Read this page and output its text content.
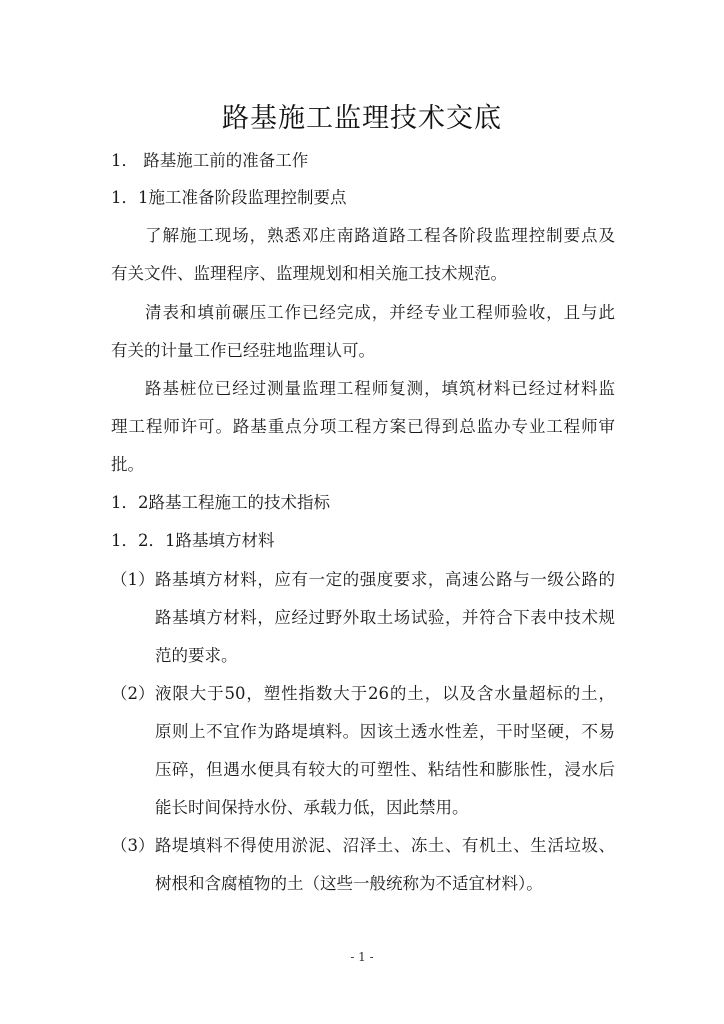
路基施工监理技术交底
1． 路基施工前的准备工作
1．1施工准备阶段监理控制要点
了解施工现场，熟悉邓庄南路道路工程各阶段监理控制要点及
有关文件、监理程序、监理规划和相关施工技术规范。
清表和填前碾压工作已经完成，并经专业工程师验收，且与此
有关的计量工作已经驻地监理认可。
路基桩位已经过测量监理工程师复测，填筑材料已经过材料监
理工程师许可。路基重点分项工程方案已得到总监办专业工程师审
批。
1．2路基工程施工的技术指标
1．2．1路基填方材料
（1） 路基填方材料，应有一定的强度要求，高速公路与一级公路的
路基填方材料，应经过野外取土场试验，并符合下表中技术规
范的要求。
（2） 液限大于50，塑性指数大于26的土，以及含水量超标的土，
原则上不宜作为路堤填料。因该土透水性差，干时坚硬，不易
压碎，但遇水便具有较大的可塑性、粘结性和膨胀性，浸水后
能长时间保持水份、承载力低，因此禁用。
（3） 路堤填料不得使用淤泥、沼泽土、冻土、有机土、生活垃圾、
树根和含腐植物的土（这些一般统称为不适宜材料）。
- 1 -
